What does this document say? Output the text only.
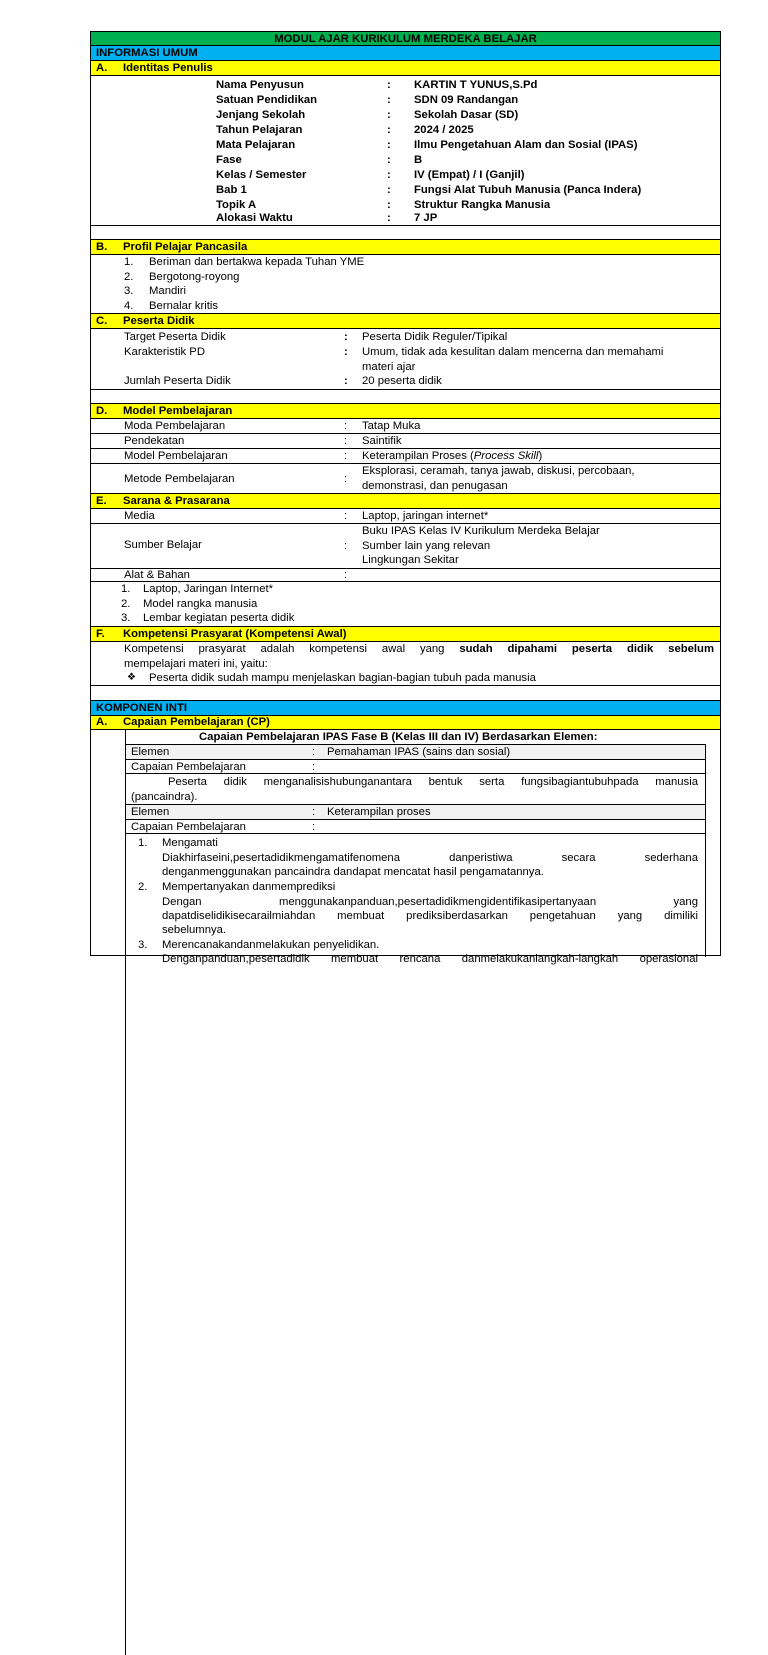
MODUL AJAR KURIKULUM MERDEKA BELAJAR
INFORMASI UMUM
A. Identitas Penulis
Nama Penyusun	: KARTIN T YUNUS,S.Pd
Satuan Pendidikan	: SDN 09 Randangan
Jenjang Sekolah	: Sekolah Dasar (SD)
Tahun Pelajaran	: 2024 / 2025
Mata Pelajaran	: Ilmu Pengetahuan Alam dan Sosial (IPAS)
Fase	: B
Kelas / Semester	: IV (Empat) / I (Ganjil)
Bab 1	: Fungsi Alat Tubuh Manusia (Panca Indera)
Topik A	: Struktur Rangka Manusia
Alokasi Waktu	: 7 JP
B. Profil Pelajar Pancasila
1. Beriman dan bertakwa kepada Tuhan YME
2. Bergotong-royong
3. Mandiri
4. Bernalar kritis
C. Peserta Didik
Target Peserta Didik	: Peserta Didik Reguler/Tipikal
Karakteristik PD	: Umum, tidak ada kesulitan dalam mencerna dan memahami
materi ajar
Jumlah Peserta Didik	: 20 peserta didik
D. Model Pembelajaran
Moda Pembelajaran	: Tatap Muka
Pendekatan	: Saintifik
Model Pembelajaran	: Keterampilan Proses (Process Skill)
Metode Pembelajaran	:
Eksplorasi, ceramah, tanya jawab, diskusi, percobaan,
demonstrasi, dan penugasan
E. Sarana & Prasarana
Media	: Laptop, jaringan internet*
Sumber Belajar	:
Buku IPAS Kelas IV Kurikulum Merdeka Belajar
Sumber lain yang relevan
Lingkungan Sekitar
Alat & Bahan	:
1. Laptop, Jaringan Internet*
2. Model rangka manusia
3. Lembar kegiatan peserta didik
F. Kompetensi Prasyarat (Kompetensi Awal)
Kompetensi prasyarat adalah kompetensi awal yang sudah dipahami peserta didik sebelum
mempelajari materi ini, yaitu:
❖ Peserta didik sudah mampu menjelaskan bagian-bagian tubuh pada manusia
KOMPONEN INTI
A. Capaian Pembelajaran (CP)
Capaian Pembelajaran IPAS Fase B (Kelas III dan IV) Berdasarkan Elemen:
Elemen	: Pemahaman IPAS (sains dan sosial)
Capaian Pembelajaran	:
Peserta didik menganalisishubunganantara bentuk serta fungsibagiantubuhpada manusia
(pancaindra).
Elemen	: Keterampilan proses
Capaian Pembelajaran	:
1. Mengamati
Diakhirfaseini,pesertadidikmengamatifenomena danperistiwa secara sederhana
denganmenggunakan pancaindra dandapat mencatat hasil pengamatannya.
2. Mempertanyakan danmemprediksi
Dengan menggunakanpanduan,pesertadidikmengidentifikasipertanyaan yang
dapatdiselidikisecarailmiahdan membuat prediksiberdasarkan pengetahuan yang dimiliki
sebelumnya.
3. Merencanakandanmelakukan penyelidikan.
Denganpanduan,pesertadidik membuat rencana danmelakukanlangkah-langkah operasional
